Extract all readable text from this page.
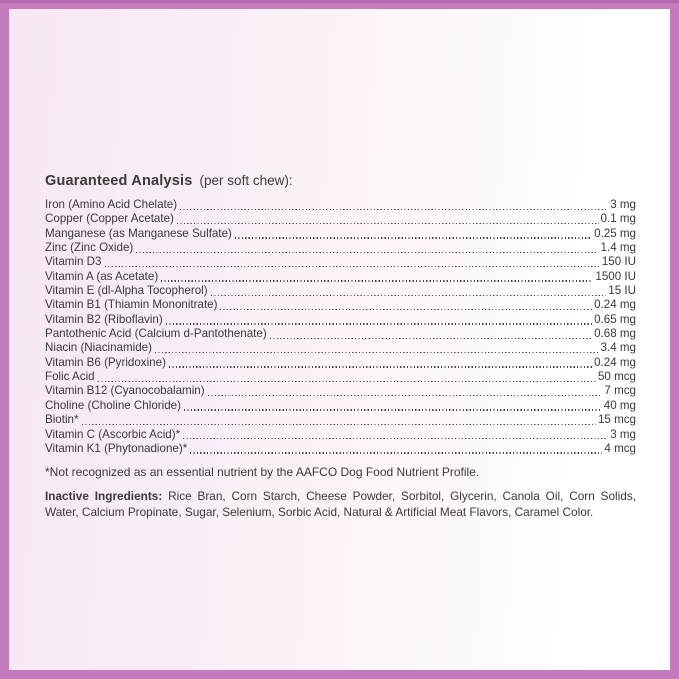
Guaranteed Analysis (per soft chew):
Iron (Amino Acid Chelate)	3 mg
Copper (Copper Acetate)	0.1 mg
Manganese (as Manganese Sulfate)	0.25 mg
Zinc (Zinc Oxide)	1.4 mg
Vitamin D3	150 IU
Vitamin A (as Acetate)	1500 IU
Vitamin E (dl-Alpha Tocopherol)	15 IU
Vitamin B1 (Thiamin Mononitrate)	0.24 mg
Vitamin B2 (Riboflavin)	0.65 mg
Pantothenic Acid (Calcium d-Pantothenate)	0.68 mg
Niacin (Niacinamide)	3.4 mg
Vitamin B6 (Pyridoxine)	0.24 mg
Folic Acid	50 mcg
Vitamin B12 (Cyanocobalamin)	7 mcg
Choline (Choline Chloride)	40 mg
Biotin*	15 mcg
Vitamin C (Ascorbic Acid)*	3 mg
Vitamin K1 (Phytonadione)*	4 mcg
*Not recognized as an essential nutrient by the AAFCO Dog Food Nutrient Profile.

Inactive Ingredients: Rice Bran, Corn Starch, Cheese Powder, Sorbitol, Glycerin, Canola Oil, Corn Solids, Water, Calcium Propinate, Sugar, Selenium, Sorbic Acid, Natural & Artificial Meat Flavors, Caramel Color.
